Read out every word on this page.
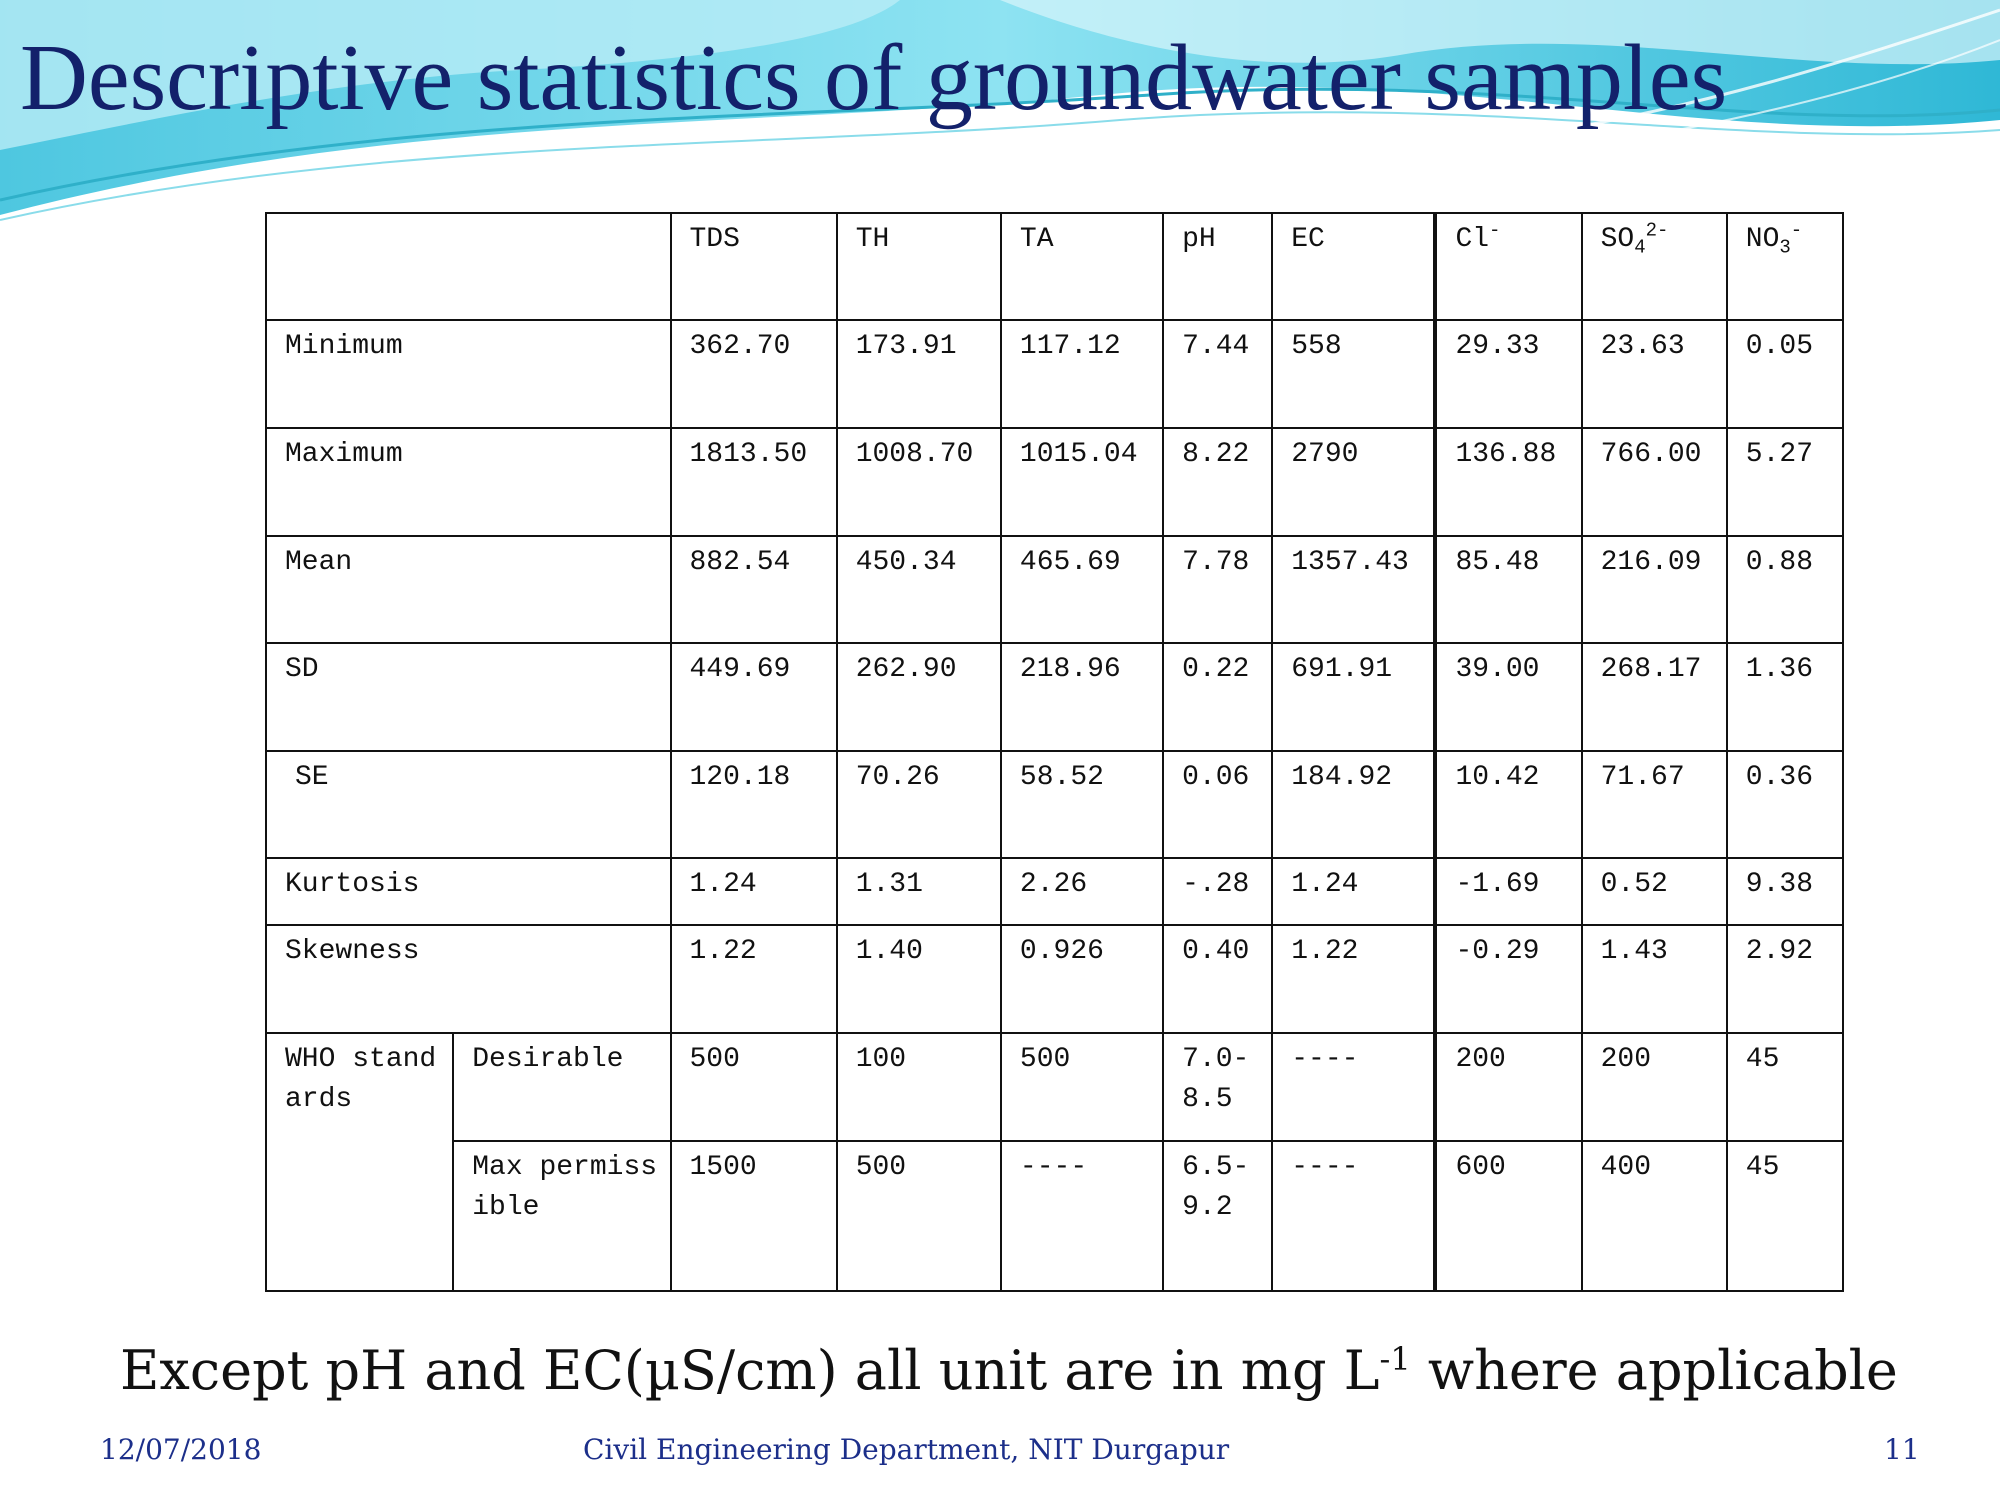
Descriptive statistics of groundwater samples
		TDS	TH	TA	pH	EC	Cl-	$SO_4^{2-}$	$NO_3^-$
Minimum		362.70	173.91	117.12	7.44	558	29.33	23.63	0.05
Maximum		1813.50	1008.70	1015.04	8.22	2790	136.88	766.00	5.27
Mean		882.54	450.34	465.69	7.78	1357.43	85.48	216.09	0.88
SD		449.69	262.90	218.96	0.22	691.91	39.00	268.17	1.36
SE		120.18	70.26	58.52	0.06	184.92	10.42	71.67	0.36
Kurtosis		1.24	1.31	2.26	-.28	1.24	-1.69	0.52	9.38
Skewness		1.22	1.40	0.926	0.40	1.22	-0.29	1.43	2.92
WHO standards	Desirable	500	100	500	7.0-8.5	----	200	200	45
	Max permissible	1500	500	----	6.5-9.2	----	600	400	45

Except pH and EC(µS/cm) all unit are in mg $L^{-1}$ where applicable

12/07/2018	Civil Engineering Department, NIT Durgapur	11
